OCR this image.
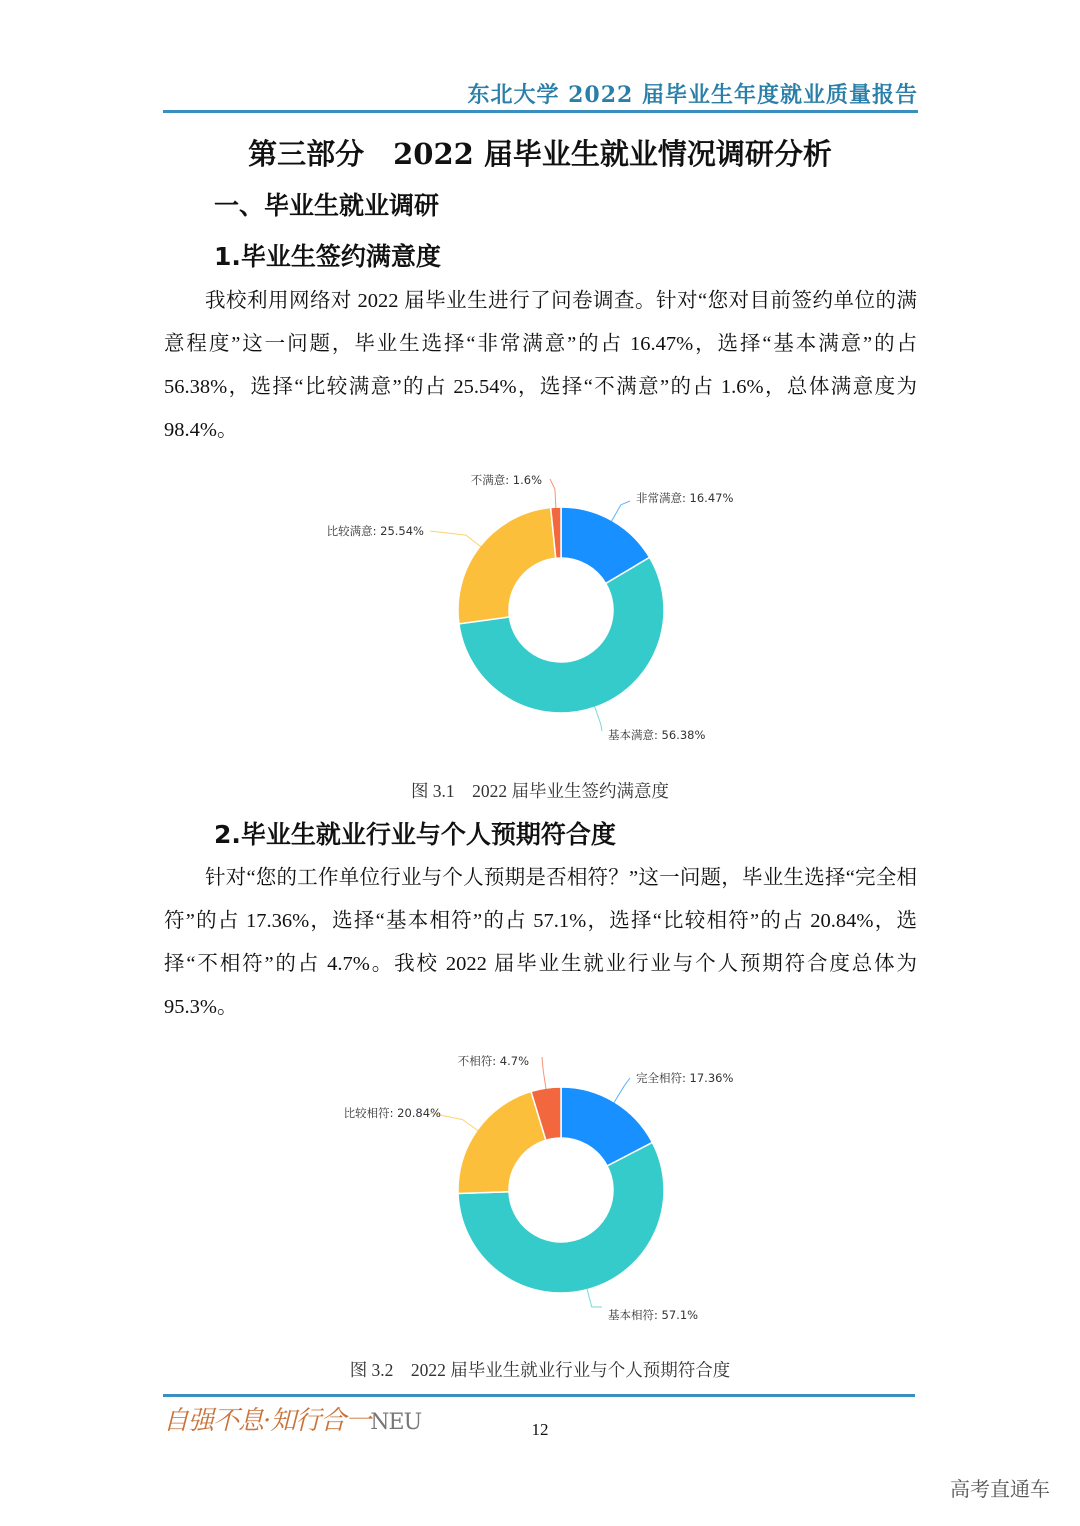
东北大学 2022 届毕业生年度就业质量报告
第三部分　2022 届毕业生就业情况调研分析
一、毕业生就业调研
1.毕业生签约满意度
我校利用网络对 2022 届毕业生进行了问卷调查。针对“您对目前签约单位的满意程度”这一问题，毕业生选择“非常满意”的占 16.47%，选择“基本满意”的占 56.38%，选择“比较满意”的占 25.54%，选择“不满意”的占 1.6%，总体满意度为 98.4%。
非常满意: 16.47%
基本满意: 56.38%
比较满意: 25.54%
不满意: 1.6%
图 3.1　2022 届毕业生签约满意度
2.毕业生就业行业与个人预期符合度
针对“您的工作单位行业与个人预期是否相符？”这一问题，毕业生选择“完全相符”的占 17.36%，选择“基本相符”的占 57.1%，选择“比较相符”的占 20.84%，选择“不相符”的占 4.7%。我校 2022 届毕业生就业行业与个人预期符合度总体为 95.3%。
完全相符: 17.36%
基本相符: 57.1%
比较相符: 20.84%
不相符: 4.7%
图 3.2　2022 届毕业生就业行业与个人预期符合度
自强不息·知行合一NEU	12
高考直通车
